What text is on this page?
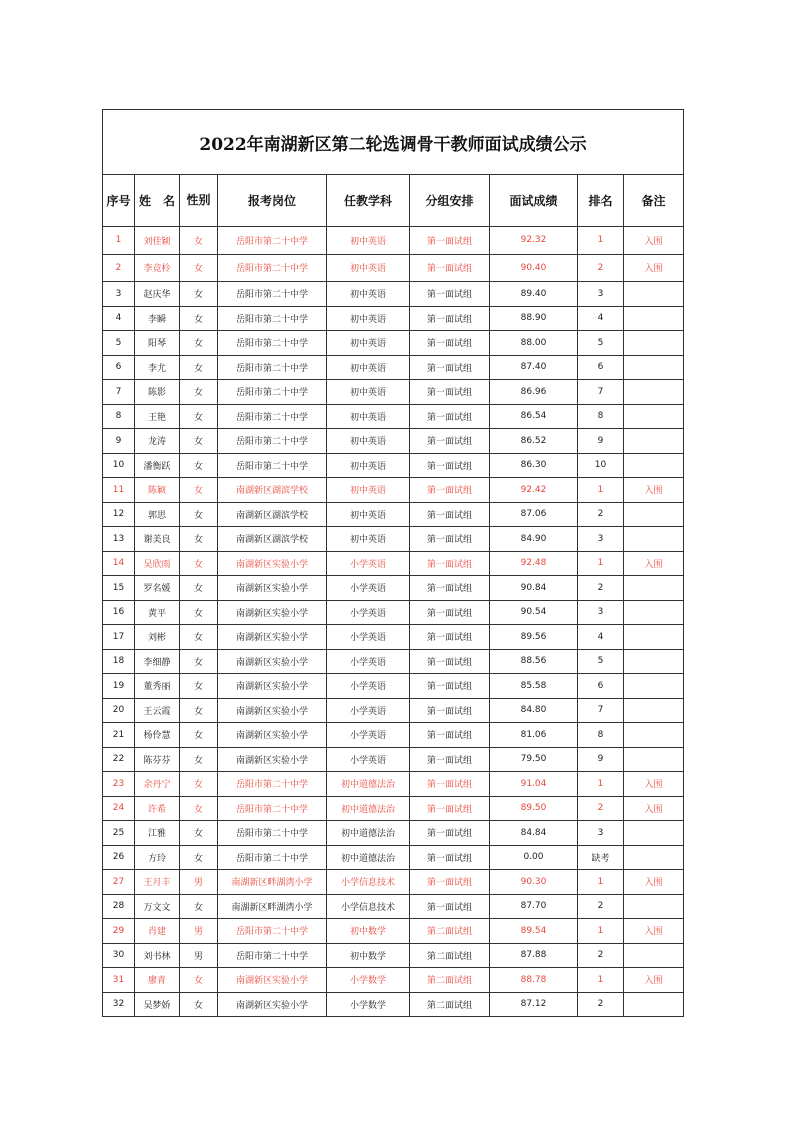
2022年南湖新区第二轮选调骨干教师面试成绩公示								
序号	姓　名	性别	报考岗位	任教学科	分组安排	面试成绩	排名	备注
1	刘佳颖	女	岳阳市第二十中学	初中英语	第一面试组	92.32	1	入围
2	李竞柃	女	岳阳市第二十中学	初中英语	第一面试组	90.40	2	入围
3	赵庆华	女	岳阳市第二十中学	初中英语	第一面试组	89.40	3	
4	李瞬	女	岳阳市第二十中学	初中英语	第一面试组	88.90	4	
5	阳琴	女	岳阳市第二十中学	初中英语	第一面试组	88.00	5	
6	李尤	女	岳阳市第二十中学	初中英语	第一面试组	87.40	6	
7	陈影	女	岳阳市第二十中学	初中英语	第一面试组	86.96	7	
8	王艳	女	岳阳市第二十中学	初中英语	第一面试组	86.54	8	
9	龙涛	女	岳阳市第二十中学	初中英语	第一面试组	86.52	9	
10	潘衡跃	女	岳阳市第二十中学	初中英语	第一面试组	86.30	10	
11	陈颖	女	南湖新区湖滨学校	初中英语	第一面试组	92.42	1	入围
12	郭思	女	南湖新区湖滨学校	初中英语	第一面试组	87.06	2	
13	谢美良	女	南湖新区湖滨学校	初中英语	第一面试组	84.90	3	
14	吴欣雨	女	南湖新区实验小学	小学英语	第一面试组	92.48	1	入围
15	罗名媛	女	南湖新区实验小学	小学英语	第一面试组	90.84	2	
16	黄平	女	南湖新区实验小学	小学英语	第一面试组	90.54	3	
17	刘彬	女	南湖新区实验小学	小学英语	第一面试组	89.56	4	
18	李细静	女	南湖新区实验小学	小学英语	第一面试组	88.56	5	
19	董秀丽	女	南湖新区实验小学	小学英语	第一面试组	85.58	6	
20	王云霞	女	南湖新区实验小学	小学英语	第一面试组	84.80	7	
21	杨伶慧	女	南湖新区实验小学	小学英语	第一面试组	81.06	8	
22	陈芬芬	女	南湖新区实验小学	小学英语	第一面试组	79.50	9	
23	余丹宁	女	岳阳市第二十中学	初中道德法治	第一面试组	91.04	1	入围
24	许希	女	岳阳市第二十中学	初中道德法治	第一面试组	89.50	2	入围
25	江雅	女	岳阳市第二十中学	初中道德法治	第一面试组	84.84	3	
26	方玲	女	岳阳市第二十中学	初中道德法治	第一面试组	0.00	缺考	
27	王月丰	男	南湖新区畔湖湾小学	小学信息技术	第一面试组	90.30	1	入围
28	万文文	女	南湖新区畔湖湾小学	小学信息技术	第一面试组	87.70	2	
29	肖建	男	岳阳市第二十中学	初中数学	第二面试组	89.54	1	入围
30	刘书林	男	岳阳市第二十中学	初中数学	第二面试组	87.88	2	
31	廖青	女	南湖新区实验小学	小学数学	第二面试组	88.78	1	入围
32	吴梦娇	女	南湖新区实验小学	小学数学	第二面试组	87.12	2	
